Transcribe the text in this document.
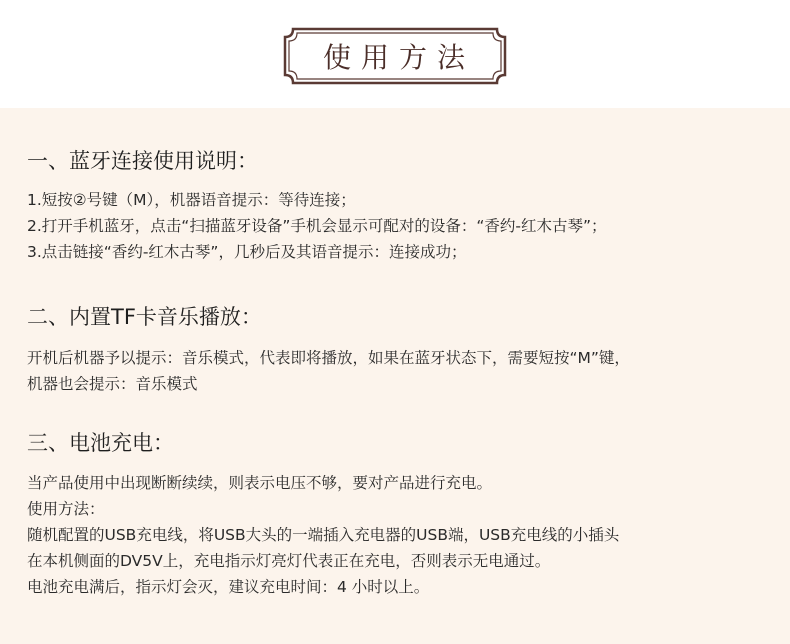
使用方法

一、蓝牙连接使用说明：

1.短按②号键（M），机器语音提示：等待连接；

2.打开手机蓝牙，点击“扫描蓝牙设备”手机会显示可配对的设备：“香约-红木古琴”；

3.点击链接“香约-红木古琴”，几秒后及其语音提示：连接成功；

二、内置TF卡音乐播放：

开机后机器予以提示：音乐模式，代表即将播放，如果在蓝牙状态下，需要短按“M”键，

机器也会提示：音乐模式

三、电池充电：

当产品使用中出现断断续续，则表示电压不够，要对产品进行充电。

使用方法：

随机配置的USB充电线，将USB大头的一端插入充电器的USB端，USB充电线的小插头

在本机侧面的DV5V上，充电指示灯亮灯代表正在充电，否则表示无电通过。

电池充电满后，指示灯会灭，建议充电时间：4 小时以上。
